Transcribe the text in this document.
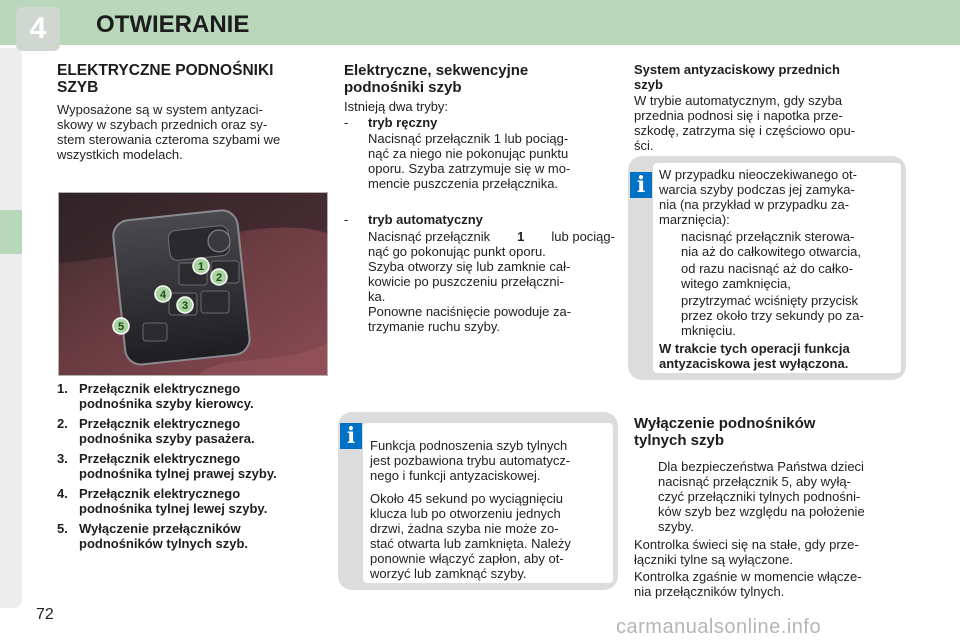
4	OTWIERANIE
ELEKTRYCZNE PODNOŚNIKI
SZYB
Wyposażone są w system antyzaci-
skowy w szybach przednich oraz sy-
stem sterowania czteroma szybami we
wszystkich modelach.
1
2
3
4
5
1. Przełącznik elektrycznego
podnośnika szyby kierowcy.
2. Przełącznik elektrycznego
podnośnika szyby pasażera.
3. Przełącznik elektrycznego
podnośnika tylnej prawej szyby.
4. Przełącznik elektrycznego
podnośnika tylnej lewej szyby.
5. Wyłączenie przełączników
podnośników tylnych szyb.
Elektryczne, sekwencyjne
podnośniki szyb
Istnieją dwa tryby:
- tryb ręczny
Nacisnąć przełącznik 1 lub pociąg-
nąć za niego nie pokonując punktu
oporu. Szyba zatrzymuje się w mo-
mencie puszczenia przełącznika.
- tryb automatyczny
Nacisnąć przełącznik 1 lub pociąg-
nąć go pokonując punkt oporu.
Szyba otworzy się lub zamknie cał-
kowicie po puszczeniu przełączni-
ka.
Ponowne naciśnięcie powoduje za-
trzymanie ruchu szyby.
i	Funkcja podnoszenia szyb tylnych
jest pozbawiona trybu automatycz-
nego i funkcji antyzaciskowej.
Około 45 sekund po wyciągnięciu
klucza lub po otworzeniu jednych
drzwi, żadna szyba nie może zo-
stać otwarta lub zamknięta. Należy
ponownie włączyć zapłon, aby ot-
worzyć lub zamknąć szyby.
System antyzaciskowy przednich
szyb
W trybie automatycznym, gdy szyba
przednia podnosi się i napotka prze-
szkodę, zatrzyma się i częściowo opu-
ści.
i	W przypadku nieoczekiwanego ot-
warcia szyby podczas jej zamyka-
nia (na przykład w przypadku za-
marznięcia):
nacisnąć przełącznik sterowa-
nia aż do całkowitego otwarcia,
od razu nacisnąć aż do całko-
witego zamknięcia,
przytrzymać wciśnięty przycisk
przez około trzy sekundy po za-
mknięciu.
W trakcie tych operacji funkcja
antyzaciskowa jest wyłączona.
Wyłączenie podnośników
tylnych szyb
Dla bezpieczeństwa Państwa dzieci
nacisnąć przełącznik 5, aby wyłą-
czyć przełączniki tylnych podnośni-
ków szyb bez względu na położenie
szyby.
Kontrolka świeci się na stałe, gdy prze-
łączniki tylne są wyłączone.
Kontrolka zgaśnie w momencie włącze-
nia przełączników tylnych.
72
carmanualsonline.info
